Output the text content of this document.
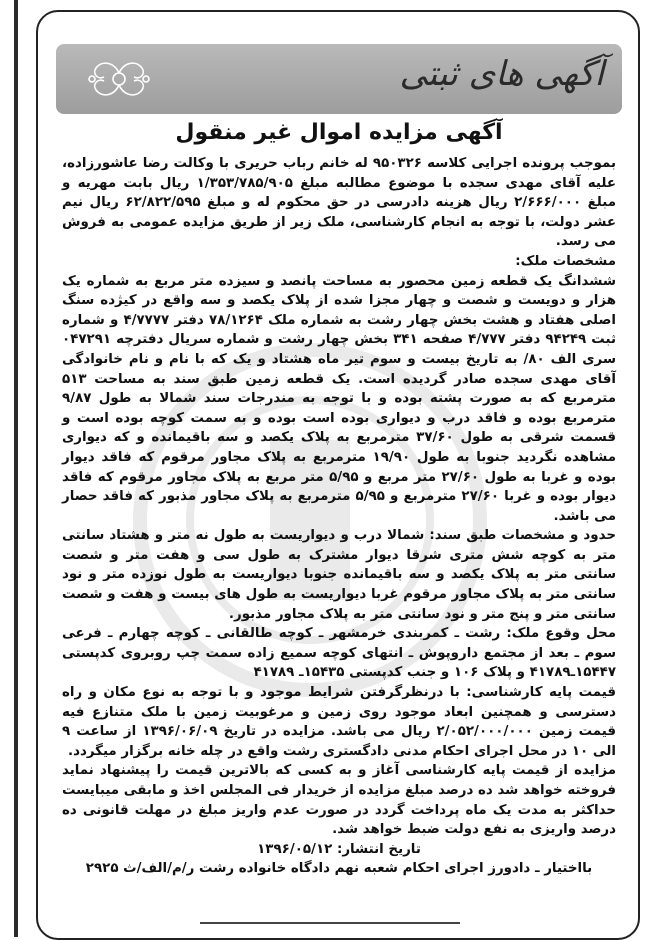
آگهی های ثبتی
آگهی مزایده اموال غیر منقول

بموجب پرونده اجرایی کلاسه ۹۵۰۳۲۶ له خانم رباب حریری با وکالت رضا عاشورزاده، علیه آقای مهدی سجده با موضوع مطالبه مبلغ ۱/۳۵۳/۷۸۵/۹۰۵ ریال بابت مهریه و مبلغ ۲/۶۶۶/۰۰۰ ریال هزینه دادرسی در حق محکوم له و مبلغ ۶۲/۸۲۲/۵۹۵ ریال نیم عشر دولت، با توجه به انجام کارشناسی، ملک زیر از طریق مزایده عمومی به فروش می رسد.

مشخصات ملک:

ششدانگ یک قطعه زمین محصور به مساحت پانصد و سیزده متر مربع به شماره یک هزار و دویست و شصت و چهار مجزا شده از پلاک یکصد و سه واقع در کیژده سنگ اصلی هفتاد و هشت بخش چهار رشت به شماره ملک ۷۸/۱۲۶۴ دفتر ۴/۷۷۷۷ و شماره ثبت ۹۴۲۴۹ دفتر ۴/۷۷۷ صفحه ۳۴۱ بخش چهار رشت و شماره سریال دفترچه ۰۴۷۲۹۱ سری الف ۸۰/ به تاریخ بیست و سوم تیر ماه هشتاد و یک که با نام و نام خانوادگی آقای مهدی سجده صادر گردیده است. یک قطعه زمین طبق سند به مساحت ۵۱۳ مترمربع که به صورت پشته بوده و با توجه به مندرجات سند شمالا به طول ۹/۸۷ مترمربع بوده و فاقد درب و دیواری بوده است بوده و به سمت کوچه بوده است و قسمت شرقی به طول ۳۷/۶۰ مترمربع به پلاک یکصد و سه باقیمانده و که دیواری مشاهده نگردید جنوبا به طول ۱۹/۹۰ مترمربع به پلاک مجاور مرقوم که فاقد دیوار بوده و غربا به طول ۲۷/۶۰ متر مربع و ۵/۹۵ متر مربع به پلاک مجاور مرقوم که فاقد دیوار بوده و غربا ۲۷/۶۰ مترمربع و ۵/۹۵ مترمربع به پلاک مجاور مذبور که فاقد حصار می باشد.

حدود و مشخصات طبق سند: شمالا درب و دیواریست به طول نه متر و هشتاد سانتی متر به کوچه شش متری شرقا دیوار مشترک به طول سی و هفت متر و شصت سانتی متر به پلاک یکصد و سه باقیمانده جنوبا دیواریست به طول نوزده متر و نود سانتی متر به پلاک مجاور مرقوم غربا دیواریست به طول های بیست و هفت و شصت سانتی متر و پنج متر و نود سانتی متر به پلاک مجاور مذبور.

محل وقوع ملک: رشت ـ کمربندی خرمشهر ـ کوچه طالقانی ـ کوچه چهارم ـ فرعی سوم ـ بعد از مجتمع داروپوش ـ انتهای کوچه سمیع زاده سمت چپ روبروی کدپستی ۱۵۴۴۷ـ۴۱۷۸۹ و پلاک ۱۰۶ و جنب کدپستی ۱۵۴۳۵ـ ۴۱۷۸۹

قیمت پایه کارشناسی: با درنظرگرفتن شرایط موجود و با توجه به نوع مکان و راه دسترسی و همچنین ابعاد موجود روی زمین و مرغوبیت زمین با ملک متنازع فیه قیمت زمین ۲/۰۵۲/۰۰۰/۰۰۰ ریال می باشد. مزایده در تاریخ ۱۳۹۶/۰۶/۰۹ از ساعت ۹ الی ۱۰ در محل اجرای احکام مدنی دادگستری رشت واقع در چله خانه برگزار میگردد.

مزایده از قیمت پایه کارشناسی آغاز و به کسی که بالاترین قیمت را پیشنهاد نماید فروخته خواهد شد ده درصد مبلغ مزایده از خریدار فی المجلس اخذ و مابقی میبایست حداکثر به مدت یک ماه پرداخت گردد در صورت عدم واریز مبلغ در مهلت قانونی ده درصد واریزی به نفع دولت ضبط خواهد شد.

تاریخ انتشار: ۱۳۹۶/۰۵/۱۲

بااختیار ـ دادورز اجرای احکام شعبه نهم دادگاه خانواده رشت ر/م/الف/ث ۲۹۲۵
